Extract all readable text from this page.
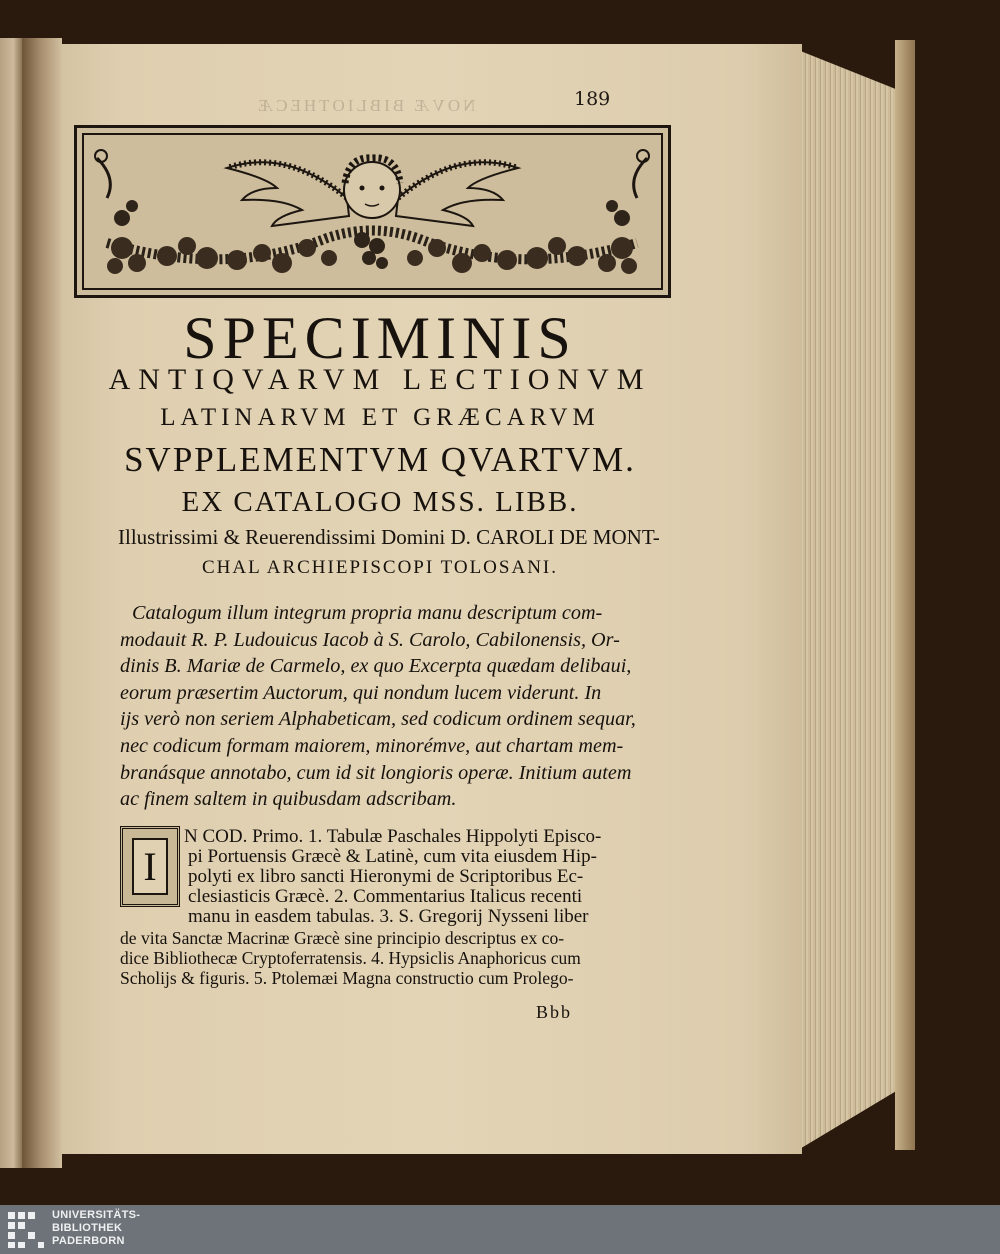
NOVÆ BIBLIOTHECÆ	189
SPECIMINIS
ANTIQVARVM LECTIONVM
LATINARVM ET GRÆCARVM
SVPPLEMENTVM QVARTVM.
EX CATALOGO MSS. LIBB.
Illustrissimi & Reuerendissimi Domini D. CAROLI DE MONT-
CHAL ARCHIEPISCOPI TOLOSANI.
Catalogum illum integrum propria manu descriptum com-
modauit R. P. Ludouicus Iacob à S. Carolo, Cabilonensis, Or-
dinis B. Mariæ de Carmelo, ex quo Excerpta quædam delibaui,
eorum præsertim Auctorum, qui nondum lucem viderunt. In
ijs verò non seriem Alphabeticam, sed codicum ordinem sequar,
nec codicum formam maiorem, minorémve, aut chartam mem-
branásque annotabo, cum id sit longioris operæ. Initium autem
ac finem saltem in quibusdam adscribam.
I
N COD. Primo. 1. Tabulæ Paschales Hippolyti Episco-
pi Portuensis Græcè & Latinè, cum vita eiusdem Hip-
polyti ex libro sancti Hieronymi de Scriptoribus Ec-
clesiasticis Græcè. 2. Commentarius Italicus recenti
manu in easdem tabulas. 3. S. Gregorij Nysseni liber
de vita Sanctæ Macrinæ Græcè sine principio descriptus ex co-
dice Bibliothecæ Cryptoferratensis. 4. Hypsiclis Anaphoricus cum
Scholijs & figuris. 5. Ptolemæi Magna constructio cum Prolego-
Bbb
UNIVERSITÄTS-
BIBLIOTHEK
PADERBORN
